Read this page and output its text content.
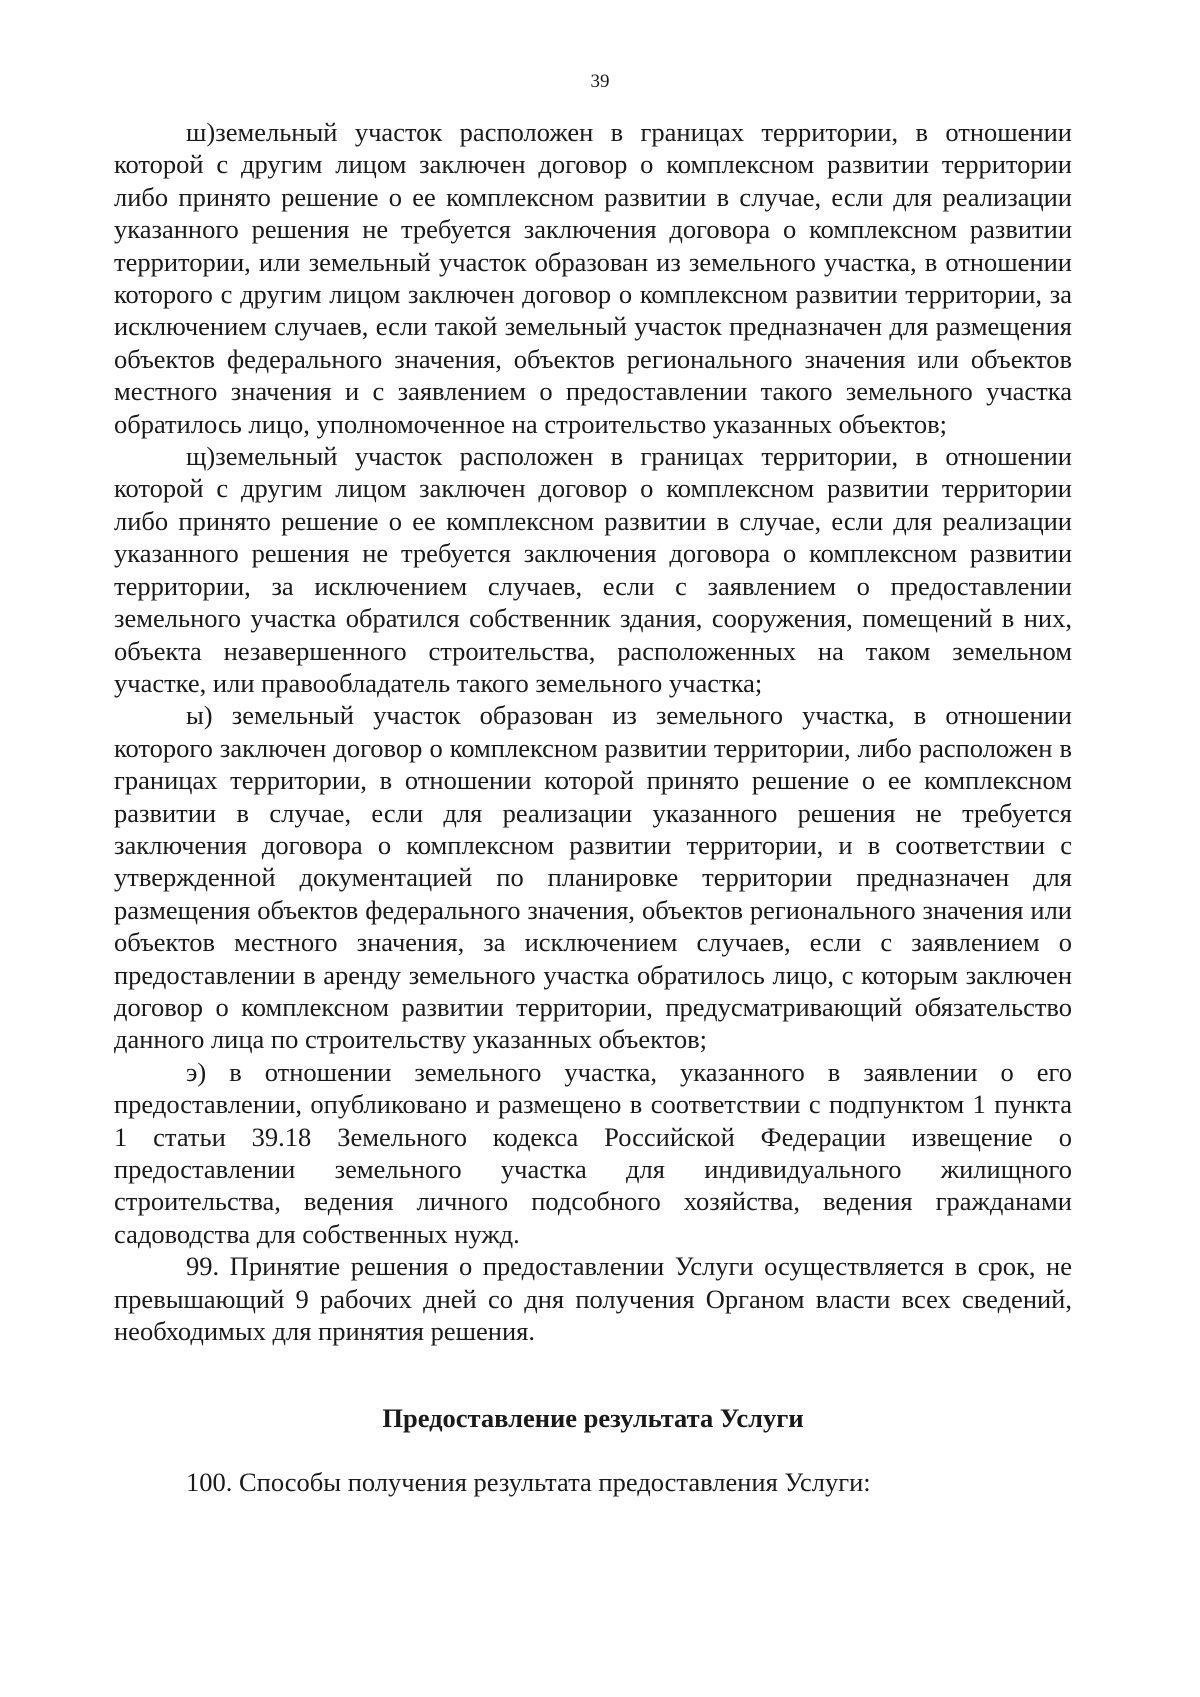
39

ш)земельный участок расположен в границах территории, в отношении которой с другим лицом заключен договор о комплексном развитии территории либо принято решение о ее комплексном развитии в случае, если для реализации указанного решения не требуется заключения договора о комплексном развитии территории, или земельный участок образован из земельного участка, в отношении которого с другим лицом заключен договор о комплексном развитии территории, за исключением случаев, если такой земельный участок предназначен для размещения объектов федерального значения, объектов регионального значения или объектов местного значения и с заявлением о предоставлении такого земельного участка обратилось лицо, уполномоченное на строительство указанных объектов;

щ)земельный участок расположен в границах территории, в отношении которой с другим лицом заключен договор о комплексном развитии территории либо принято решение о ее комплексном развитии в случае, если для реализации указанного решения не требуется заключения договора о комплексном развитии территории, за исключением случаев, если с заявлением о предоставлении земельного участка обратился собственник здания, сооружения, помещений в них, объекта незавершенного строительства, расположенных на таком земельном участке, или правообладатель такого земельного участка;

ы) земельный участок образован из земельного участка, в отношении которого заключен договор о комплексном развитии территории, либо расположен в границах территории, в отношении которой принято решение о ее комплексном развитии в случае, если для реализации указанного решения не требуется заключения договора о комплексном развитии территории, и в соответствии с утвержденной документацией по планировке территории предназначен для размещения объектов федерального значения, объектов регионального значения или объектов местного значения, за исключением случаев, если с заявлением о предоставлении в аренду земельного участка обратилось лицо, с которым заключен договор о комплексном развитии территории, предусматривающий обязательство данного лица по строительству указанных объектов;

э) в отношении земельного участка, указанного в заявлении о его предоставлении, опубликовано и размещено в соответствии с подпунктом 1 пункта 1 статьи 39.18 Земельного кодекса Российской Федерации извещение о предоставлении земельного участка для индивидуального жилищного строительства, ведения личного подсобного хозяйства, ведения гражданами садоводства для собственных нужд.

99. Принятие решения о предоставлении Услуги осуществляется в срок, не превышающий 9 рабочих дней со дня получения Органом власти всех сведений, необходимых для принятия решения.

Предоставление результата Услуги

100. Способы получения результата предоставления Услуги:
